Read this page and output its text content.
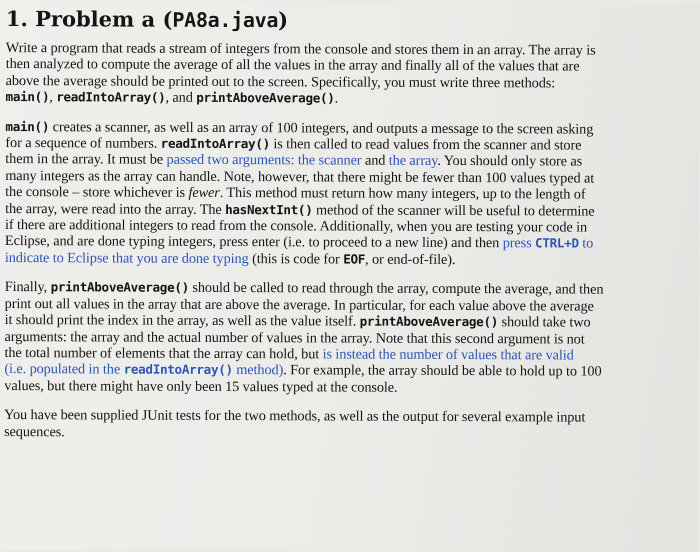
1. Problem a (PA8a.java)
Write a program that reads a stream of integers from the console and stores them in an array. The array is
then analyzed to compute the average of all the values in the array and finally all of the values that are
above the average should be printed out to the screen. Specifically, you must write three methods:
main(), readIntoArray(), and printAboveAverage().
main() creates a scanner, as well as an array of 100 integers, and outputs a message to the screen asking
for a sequence of numbers. readIntoArray() is then called to read values from the scanner and store
them in the array. It must be passed two arguments: the scanner and the array. You should only store as
many integers as the array can handle. Note, however, that there might be fewer than 100 values typed at
the console – store whichever is fewer. This method must return how many integers, up to the length of
the array, were read into the array. The hasNextInt() method of the scanner will be useful to determine
if there are additional integers to read from the console. Additionally, when you are testing your code in
Eclipse, and are done typing integers, press enter (i.e. to proceed to a new line) and then press CTRL+D to
indicate to Eclipse that you are done typing (this is code for EOF, or end-of-file).
Finally, printAboveAverage() should be called to read through the array, compute the average, and then
print out all values in the array that are above the average. In particular, for each value above the average
it should print the index in the array, as well as the value itself. printAboveAverage() should take two
arguments: the array and the actual number of values in the array. Note that this second argument is not
the total number of elements that the array can hold, but is instead the number of values that are valid
(i.e. populated in the readIntoArray() method). For example, the array should be able to hold up to 100
values, but there might have only been 15 values typed at the console.
You have been supplied JUnit tests for the two methods, as well as the output for several example input
sequences.
